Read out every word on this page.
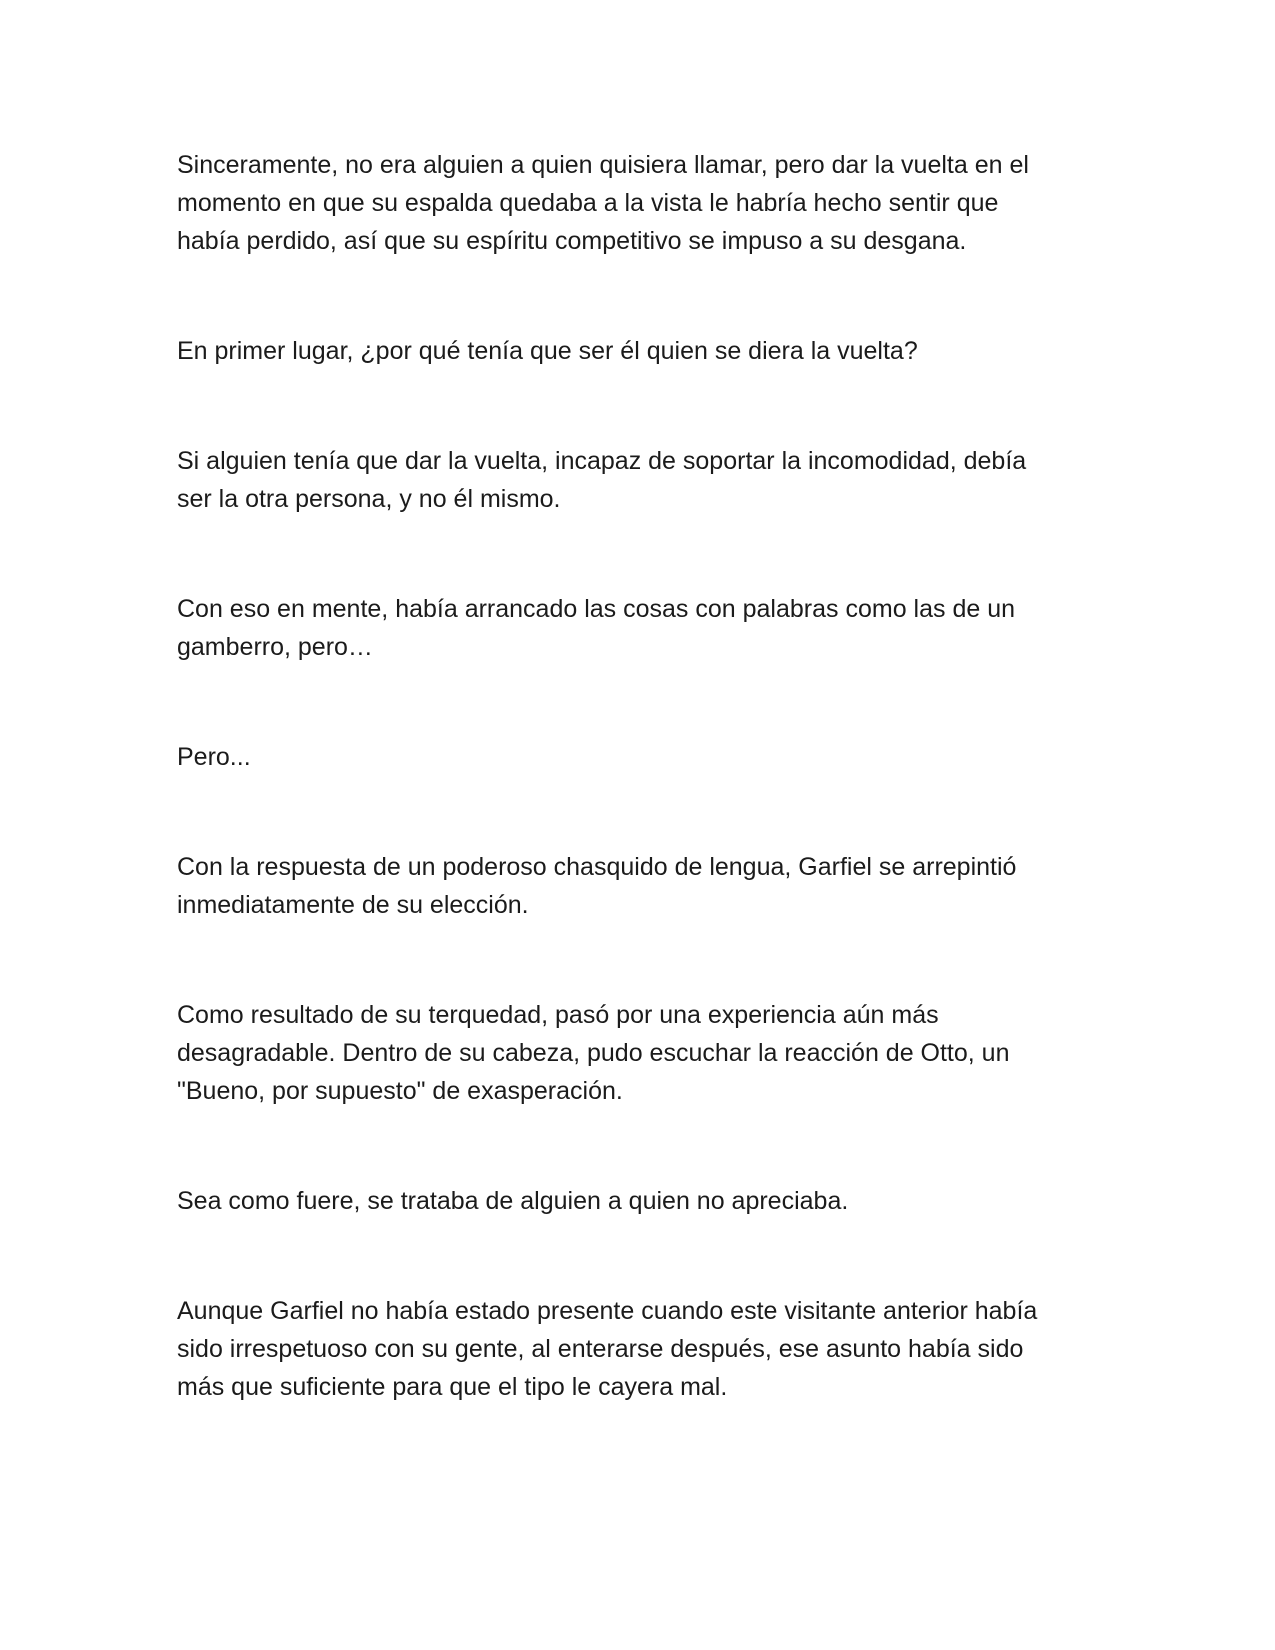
Sinceramente, no era alguien a quien quisiera llamar, pero dar la vuelta en el
momento en que su espalda quedaba a la vista le habría hecho sentir que
había perdido, así que su espíritu competitivo se impuso a su desgana.

En primer lugar, ¿por qué tenía que ser él quien se diera la vuelta?

Si alguien tenía que dar la vuelta, incapaz de soportar la incomodidad, debía
ser la otra persona, y no él mismo.

Con eso en mente, había arrancado las cosas con palabras como las de un
gamberro, pero…

Pero...

Con la respuesta de un poderoso chasquido de lengua, Garfiel se arrepintió
inmediatamente de su elección.

Como resultado de su terquedad, pasó por una experiencia aún más
desagradable. Dentro de su cabeza, pudo escuchar la reacción de Otto, un
"Bueno, por supuesto" de exasperación.

Sea como fuere, se trataba de alguien a quien no apreciaba.

Aunque Garfiel no había estado presente cuando este visitante anterior había
sido irrespetuoso con su gente, al enterarse después, ese asunto había sido
más que suficiente para que el tipo le cayera mal.
